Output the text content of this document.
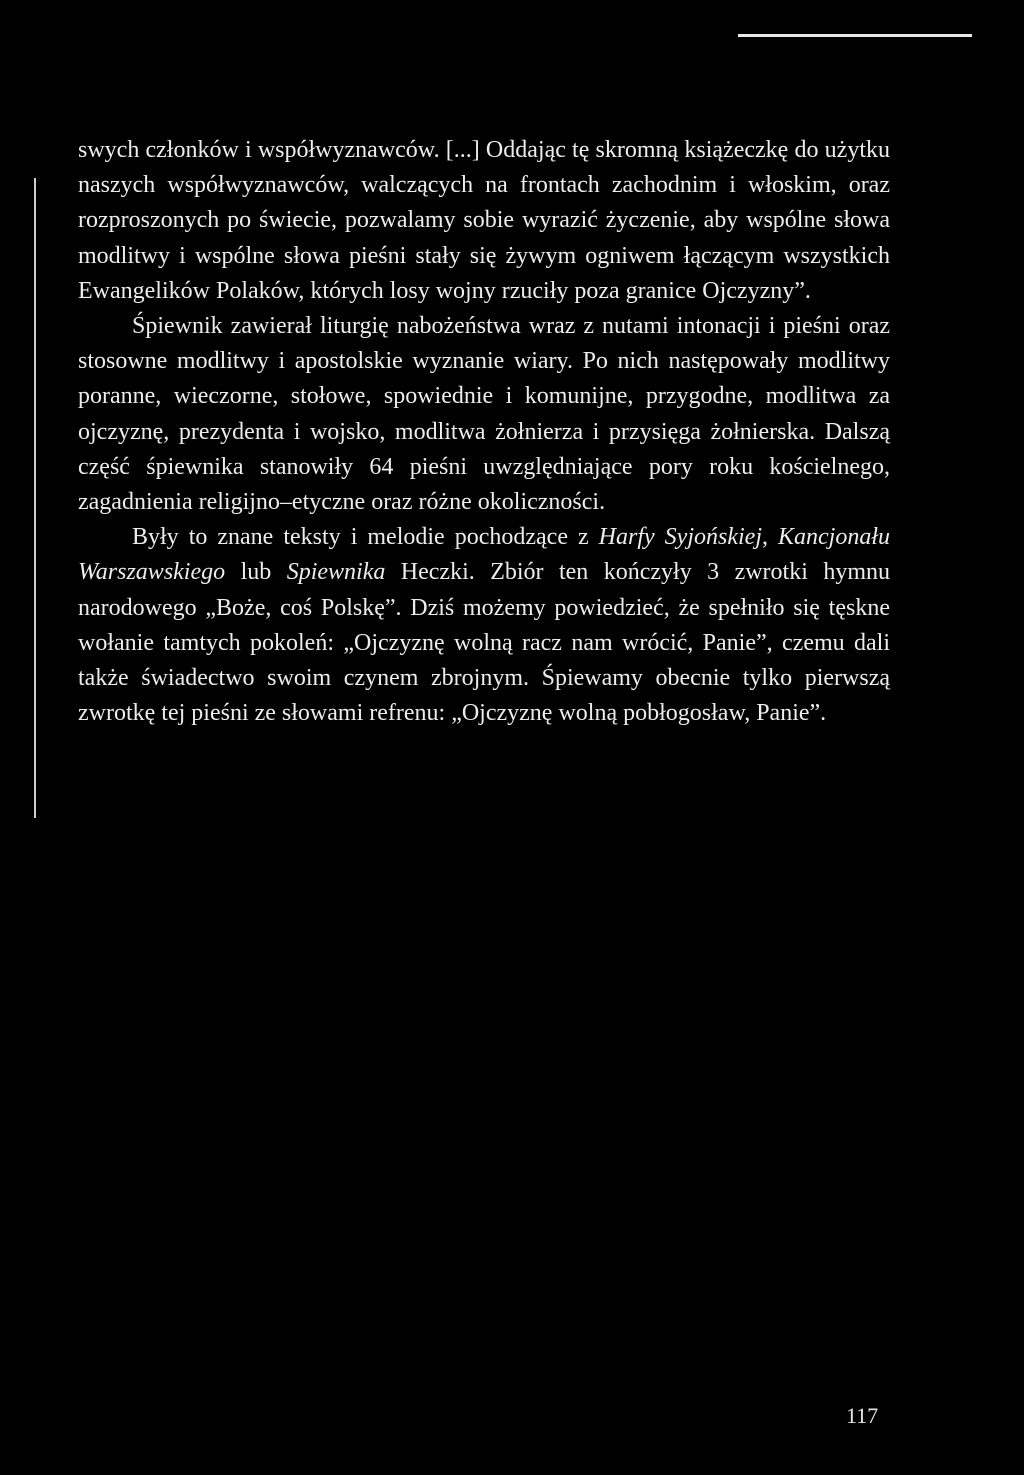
swych członków i współwyznawców. [...] Oddając tę skromną książeczkę do użytku naszych współwyznawców, walczących na frontach zachodnim i włoskim, oraz rozproszonych po świecie, pozwalamy sobie wyrazić życzenie, aby wspólne słowa modlitwy i wspólne słowa pieśni stały się żywym ogniwem łączącym wszystkich Ewangelików Polaków, których losy wojny rzuciły poza granice Ojczyzny”.

Śpiewnik zawierał liturgię nabożeństwa wraz z nutami intonacji i pieśni oraz stosowne modlitwy i apostolskie wyznanie wiary. Po nich następowały modlitwy poranne, wieczorne, stołowe, spowiednie i komunijne, przygodne, modlitwa za ojczyznę, prezydenta i wojsko, modlitwa żołnierza i przysięga żołnierska. Dalszą część śpiewnika stanowiły 64 pieśni uwzględniające pory roku kościelnego, zagadnienia religijno–etyczne oraz różne okoliczności.

Były to znane teksty i melodie pochodzące z Harfy Syjońskiej, Kancjonału Warszawskiego lub Spiewnika Heczki. Zbiór ten kończyły 3 zwrotki hymnu narodowego „Boże, coś Polskę”. Dziś możemy powiedzieć, że spełniło się tęskne wołanie tamtych pokoleń: „Ojczyznę wolną racz nam wrócić, Panie”, czemu dali także świadectwo swoim czynem zbrojnym. Śpiewamy obecnie tylko pierwszą zwrotkę tej pieśni ze słowami refrenu: „Ojczyznę wolną pobłogosław, Panie”.

117
